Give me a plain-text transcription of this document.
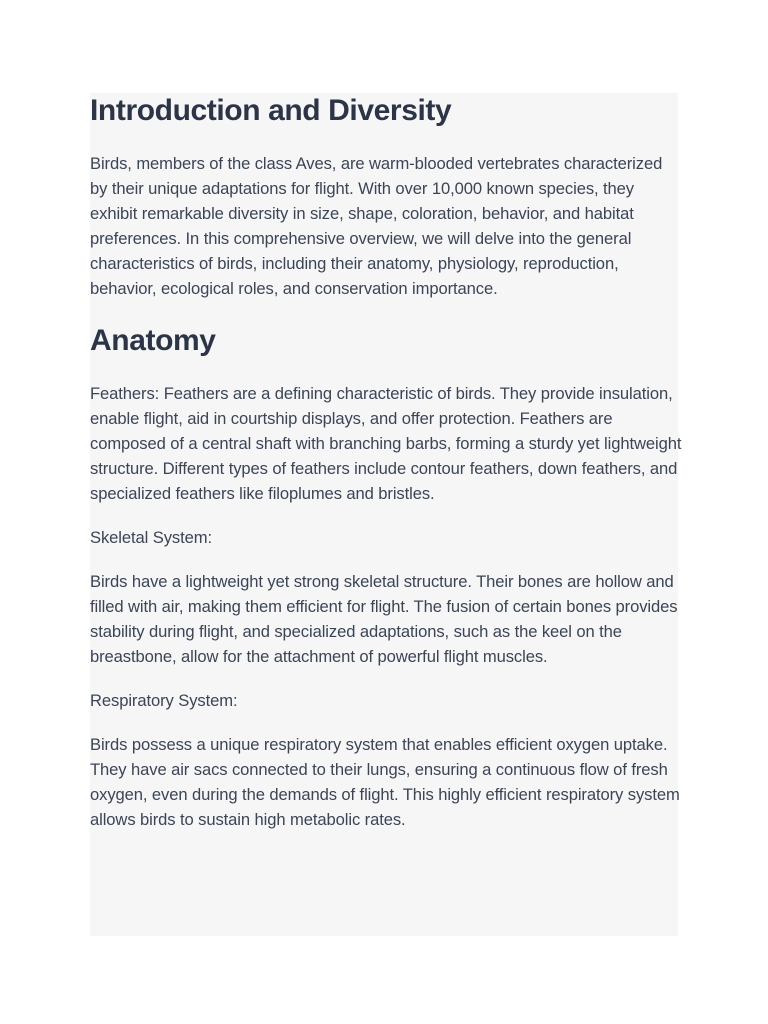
Introduction and Diversity

Birds, members of the class Aves, are warm-blooded vertebrates characterized by their unique adaptations for flight. With over 10,000 known species, they exhibit remarkable diversity in size, shape, coloration, behavior, and habitat preferences. In this comprehensive overview, we will delve into the general characteristics of birds, including their anatomy, physiology, reproduction, behavior, ecological roles, and conservation importance.

Anatomy

Feathers: Feathers are a defining characteristic of birds. They provide insulation, enable flight, aid in courtship displays, and offer protection. Feathers are composed of a central shaft with branching barbs, forming a sturdy yet lightweight structure. Different types of feathers include contour feathers, down feathers, and specialized feathers like filoplumes and bristles.

Skeletal System:

Birds have a lightweight yet strong skeletal structure. Their bones are hollow and filled with air, making them efficient for flight. The fusion of certain bones provides stability during flight, and specialized adaptations, such as the keel on the breastbone, allow for the attachment of powerful flight muscles.

Respiratory System:

Birds possess a unique respiratory system that enables efficient oxygen uptake. They have air sacs connected to their lungs, ensuring a continuous flow of fresh oxygen, even during the demands of flight. This highly efficient respiratory system allows birds to sustain high metabolic rates.
